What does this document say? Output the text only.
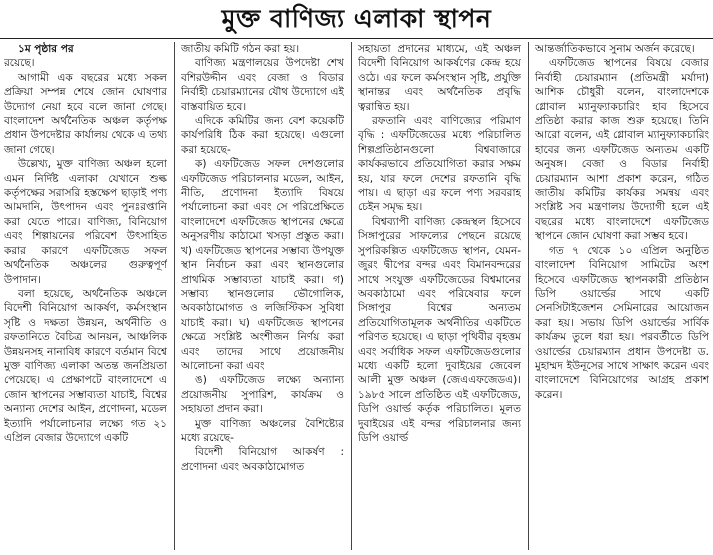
মুক্ত বাণিজ্য এলাকা স্থাপন

১ম পৃষ্ঠার পর

রয়েছে।

আগামী এক বছরের মধ্যে সকল প্রক্রিয়া সম্পন্ন শেষে জোন ঘোষণার উদ্যোগ নেয়া হবে বলে জানা গেছে। বাংলাদেশ অর্থনৈতিক অঞ্চল কর্তৃপক্ষ প্রধান উপদেষ্টার কার্যালয় থেকে এ তথ্য জানা গেছে।

উল্লেখ্য, মুক্ত বাণিজ্য অঞ্চল হলো এমন নির্দিষ্ট এলাকা যেখানে শুল্ক কর্তৃপক্ষের সরাসরি হস্তক্ষেপ ছাড়াই পণ্য আমদানি, উৎপাদন এবং পুনঃরপ্তানি করা যেতে পারে। বাণিজ্য, বিনিয়োগ এবং শিল্পায়নের পরিবেশ উৎসাহিত করার কারণে এফটিজেড সফল অর্থনৈতিক অঞ্চলের গুরুত্বপূর্ণ উপাদান।

বলা হয়েছে, অর্থনৈতিক অঞ্চলে বিদেশী বিনিয়োগ আকর্ষণ, কর্মসংস্থান সৃষ্টি ও দক্ষতা উন্নয়ন, অর্থনীতি ও রফতানিতে বৈচিত্র আনয়ন, আঞ্চলিক উন্নয়নসহ নানাবিধ কারণে বর্তমান বিশ্বে মুক্ত বাণিজ্য এলাকা অতন্ত জনপ্রিয়তা পেয়েছে। এ প্রেক্ষাপটে বাংলাদেশে এ জোন স্থাপনের সম্ভাব্যতা যাচাই, বিশ্বের অন্যান্য দেশের আইন, প্রণোদনা, মডেল ইত্যাদি পর্যালোচনার লক্ষ্যে গত ২১ এপ্রিল বেজার উদ্যোগে একটি

জাতীয় কমিটি গঠন করা হয়।

বাণিজ্য মন্ত্রণালয়ের উপদেষ্টা শেখ বশিরউদ্দীন এবং বেজা ও বিডার নির্বাহী চেয়ারম্যানের যৌথ উদ্যোগে এই বাস্তবায়িত হবে।

এদিকে কমিটির জন্য বেশ কয়েকটি কার্যপরিধি ঠিক করা হয়েছে। এগুলো করা হয়েছে-

ক) এফটিজেড সফল দেশগুলোর এফটিজেড পরিচালনার মডেল, আইন, নীতি, প্রণোদনা ইত্যাদি বিষয়ে পর্যালোচনা করা এবং সে পরিপ্রেক্ষিতে বাংলাদেশে এফটিজেড স্থাপনের ক্ষেত্রে অনুসরণীয় কাঠামো খসড়া প্রস্তুত করা। খ) এফটিজেড স্থাপনের সম্ভাব্য উপযুক্ত স্থান নির্বাচন করা এবং স্থানগুলোর প্রাথমিক সম্ভাব্যতা যাচাই করা। গ) সম্ভাব্য স্থানগুলোর ভৌগোলিক, অবকাঠামোগত ও লজিস্টিকস সুবিধা যাচাই করা। ঘ) এফটিজেড স্থাপনের ক্ষেত্রে সংশ্লিষ্ট অংশীজন নির্ণয় করা এবং তাদের সাথে প্রয়োজনীয় আলোচনা করা এবং

ঙ) এফটিজেড লক্ষ্যে অন্যান্য প্রয়োজনীয় সুপারিশ, কার্যক্রম ও সহায়তা প্রদান করা।

মুক্ত বাণিজ্য অঞ্চলের বৈশিষ্ট্যের মধ্যে রয়েছে-

বিদেশী বিনিয়োগ আকর্ষণ : প্রণোদনা এবং অবকাঠামোগত

সহায়তা প্রদানের মাধ্যমে, এই অঞ্চল বিদেশী বিনিয়োগ আকর্ষণের কেন্দ্র হয়ে ওঠে। এর ফলে কর্মসংস্থান সৃষ্টি, প্রযুক্তি স্থানান্তর এবং অর্থনৈতিক প্রবৃদ্ধি ত্বরান্বিত হয়।

রফতানি এবং বাণিজ্যের পরিমাণ বৃদ্ধি : এফটিজেডের মধ্যে পরিচালিত শিল্পপ্রতিষ্ঠানগুলো বিশ্ববাজারে কার্যকরভাবে প্রতিযোগিতা করার সক্ষম হয়, যার ফলে দেশের রফতানি বৃদ্ধি পায়। এ ছাড়া এর ফলে পণ্য সরবরাহ চেইন সমৃদ্ধ হয়।

বিশ্বব্যাপী বাণিজ্য কেন্দ্রস্থল হিসেবে সিঙ্গাপুরের সাফল্যের পেছনে রয়েছে সুপরিকল্পিত এফটিজেড স্থাপন, যেমন- জুরং দ্বীপের বন্দর এবং বিমানবন্দরের সাথে সংযুক্ত এফটিজেডের বিশ্বমানের অবকাঠামো এবং পরিষেবার ফলে সিঙ্গাপুর বিশ্বের অন্যতম প্রতিযোগিতামূলক অর্থনীতির একটিতে পরিণত হয়েছে। এ ছাড়া পৃথিবীর বৃহত্তম এবং সর্বাধিক সফল এফটিজেডগুলোর মধ্যে একটি হলো দুবাইয়ের জেবেল আলী মুক্ত অঞ্চল (জেএএফজেডএ)। ১৯৮৫ সালে প্রতিষ্ঠিত এই এফটিজেড, ডিপি ওয়ার্ল্ড কর্তৃক পরিচালিত। মূলত দুবাইয়ের এই বন্দর পরিচালনার জন্য ডিপি ওয়ার্ল্ড

আন্তর্জাতিকভাবে সুনাম অর্জন করেছে।

এফটিজেড স্থাপনের বিষয়ে বেজার নির্বাহী চেয়ারম্যান (প্রতিমন্ত্রী মর্যাদা) আশিক চৌধুরী বলেন, বাংলাদেশকে গ্লোবাল ম্যানুফ্যাকচারিং হাব হিসেবে প্রতিষ্ঠা করার কাজ শুরু হয়েছে। তিনি আরো বলেন, এই গ্লোবাল ম্যানুফ্যাকচারিং হাবের জন্য এফটিজেড অন্যতম একটি অনুষঙ্গ। বেজা ও বিডার নির্বাহী চেয়ারম্যান আশা প্রকাশ করেন, গঠিত জাতীয় কমিটির কার্যকর সমন্বয় এবং সংশ্লিষ্ট সব মন্ত্রণালয় উদ্যোগী হলে এই বছরের মধ্যে বাংলাদেশে এফটিজেড স্থাপনে জোন ঘোষণা করা সম্ভব হবে।

গত ৭ থেকে ১০ এপ্রিল অনুষ্ঠিত বাংলাদেশ বিনিয়োগ সামিটের অংশ হিসেবে এফটিজেড স্থাপনকারী প্রতিষ্ঠান ডিপি ওয়ার্ল্ডের সাথে একটি সেনসিটাইজেশন সেমিনারের আয়োজন করা হয়। সভায় ডিপি ওয়ার্ল্ডের সার্বিক কার্যক্রম তুলে ধরা হয়। পরবর্তীতে ডিপি ওয়ার্ল্ডের চেয়ারম্যান প্রধান উপদেষ্টা ড. মুহাম্মদ ইউনূসের সাথে সাক্ষাৎ করেন এবং বাংলাদেশে বিনিয়োগের আগ্রহ প্রকাশ করেন।
